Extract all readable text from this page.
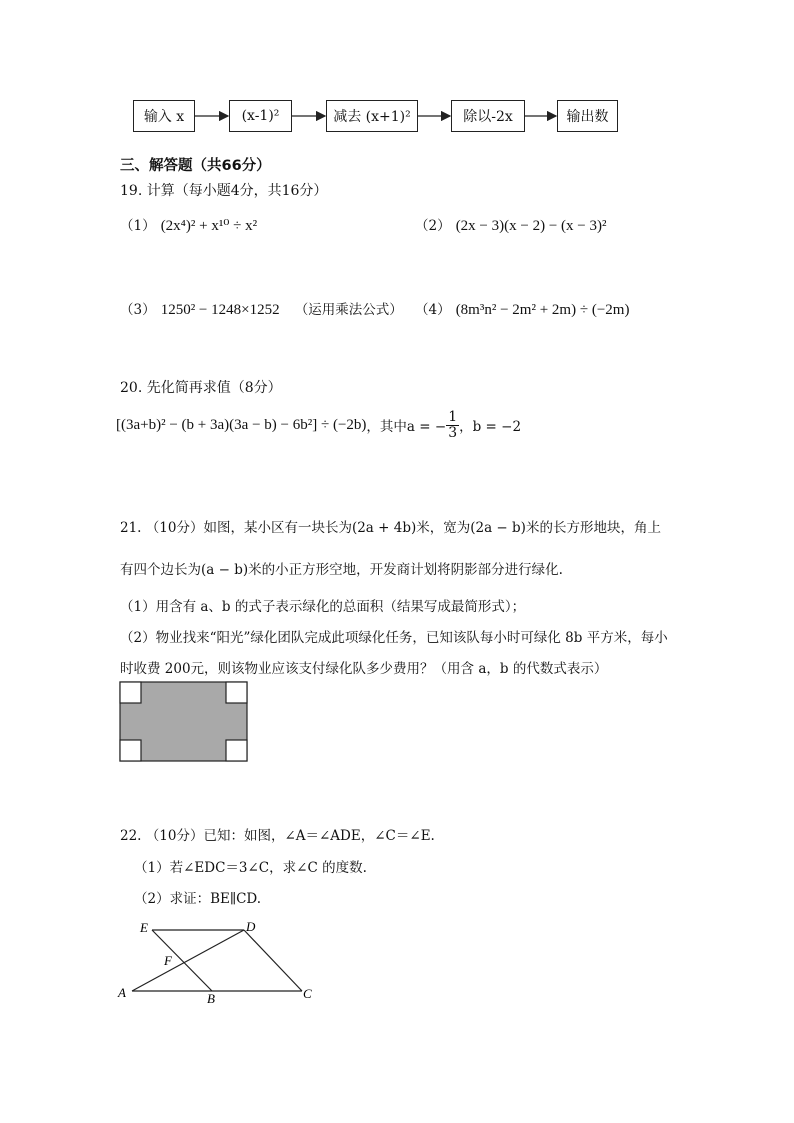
输入 x	(x-1)²	减去 (x+1)²	除以-2x	输出数
三、解答题（共66分）
19. 计算（每小题4分，共16分）
（1） (2x⁴)² + x¹⁰ ÷ x²	（2） (2x − 3)(x − 2) − (x − 3)²
（3） 1250² − 1248×1252 （运用乘法公式） （4） (8m³n² − 2m² + 2m) ÷ (−2m)
20. 先化简再求值（8分）
[(3a+b)² − (b + 3a)(3a − b) − 6b²] ÷ (−2b) ，其中a = − $\frac{1}{3}$ ，b = −2
21. （10分）如图，某小区有一块长为(2a + 4b)米，宽为(2a − b)米的长方形地块，角上
有四个边长为(a − b)米的小正方形空地，开发商计划将阴影部分进行绿化.
（1）用含有 a、b 的式子表示绿化的总面积（结果写成最简形式）；
（2）物业找来“阳光”绿化团队完成此项绿化任务，已知该队每小时可绿化 8b 平方米，每小
时收费 200元，则该物业应该支付绿化队多少费用？（用含 a，b 的代数式表示）
22. （10分）已知：如图，∠A＝∠ADE，∠C＝∠E.
（1）若∠EDC＝3∠C，求∠C 的度数.
（2）求证：BE∥CD.
E	D
F
A	B	C
